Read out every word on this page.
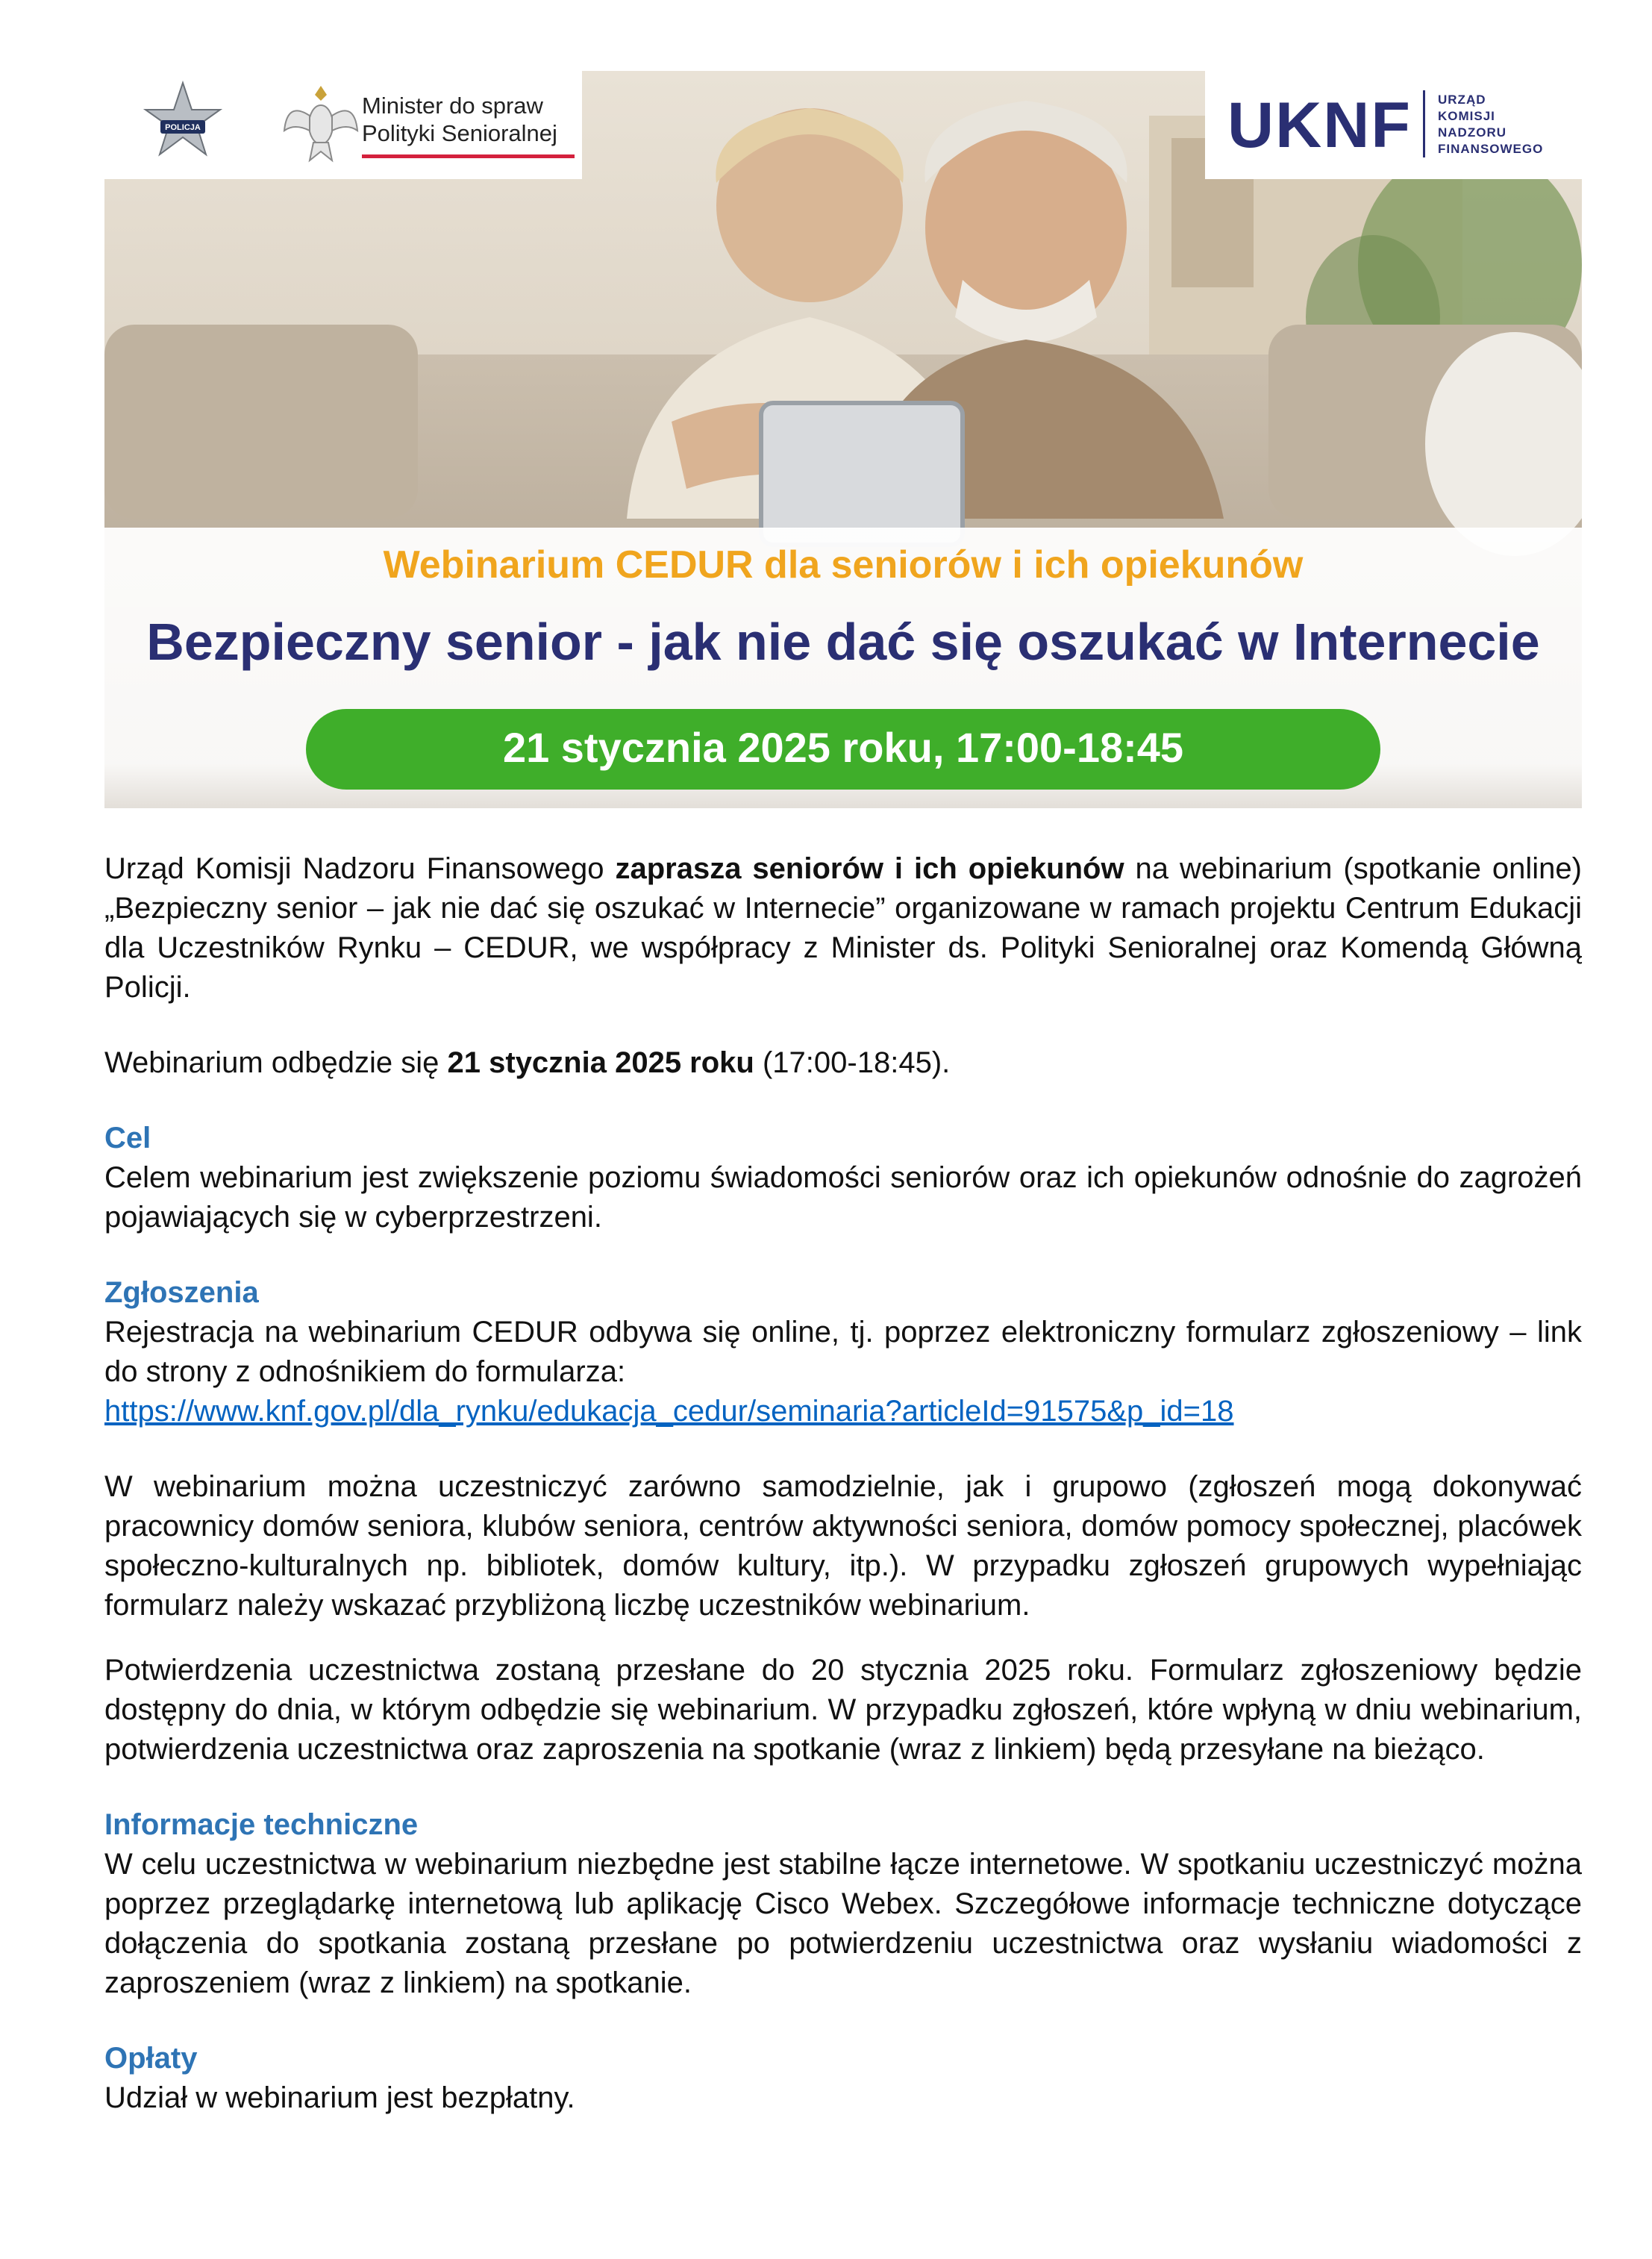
POLICJA
Minister do spraw
Polityki Senioralnej	UKNF URZĄD
KOMISJI
NADZORU
FINANSOWEGO
Webinarium CEDUR dla seniorów i ich opiekunów
Bezpieczny senior - jak nie dać się oszukać w Internecie
21 stycznia 2025 roku, 17:00-18:45

Urząd Komisji Nadzoru Finansowego zaprasza seniorów i ich opiekunów na webinarium (spotkanie online) „Bezpieczny senior – jak nie dać się oszukać w Internecie” organizowane w ramach projektu Centrum Edukacji dla Uczestników Rynku – CEDUR, we współpracy z Minister ds. Polityki Senioralnej oraz Komendą Główną Policji.

Webinarium odbędzie się 21 stycznia 2025 roku (17:00-18:45).

Cel

Celem webinarium jest zwiększenie poziomu świadomości seniorów oraz ich opiekunów odnośnie do zagrożeń pojawiających się w cyberprzestrzeni.

Zgłoszenia

Rejestracja na webinarium CEDUR odbywa się online, tj. poprzez elektroniczny formularz zgłoszeniowy – link do strony z odnośnikiem do formularza:

https://www.knf.gov.pl/dla_rynku/edukacja_cedur/seminaria?articleId=91575&p_id=18

W webinarium można uczestniczyć zarówno samodzielnie, jak i grupowo (zgłoszeń mogą dokonywać pracownicy domów seniora, klubów seniora, centrów aktywności seniora, domów pomocy społecznej, placówek społeczno-kulturalnych np. bibliotek, domów kultury, itp.). W przypadku zgłoszeń grupowych wypełniając formularz należy wskazać przybliżoną liczbę uczestników webinarium.

Potwierdzenia uczestnictwa zostaną przesłane do 20 stycznia 2025 roku. Formularz zgłoszeniowy będzie dostępny do dnia, w którym odbędzie się webinarium. W przypadku zgłoszeń, które wpłyną w dniu webinarium, potwierdzenia uczestnictwa oraz zaproszenia na spotkanie (wraz z linkiem) będą przesyłane na bieżąco.

Informacje techniczne

W celu uczestnictwa w webinarium niezbędne jest stabilne łącze internetowe. W spotkaniu uczestniczyć można poprzez przeglądarkę internetową lub aplikację Cisco Webex. Szczegółowe informacje techniczne dotyczące dołączenia do spotkania zostaną przesłane po potwierdzeniu uczestnictwa oraz wysłaniu wiadomości z zaproszeniem (wraz z linkiem) na spotkanie.

Opłaty

Udział w webinarium jest bezpłatny.
